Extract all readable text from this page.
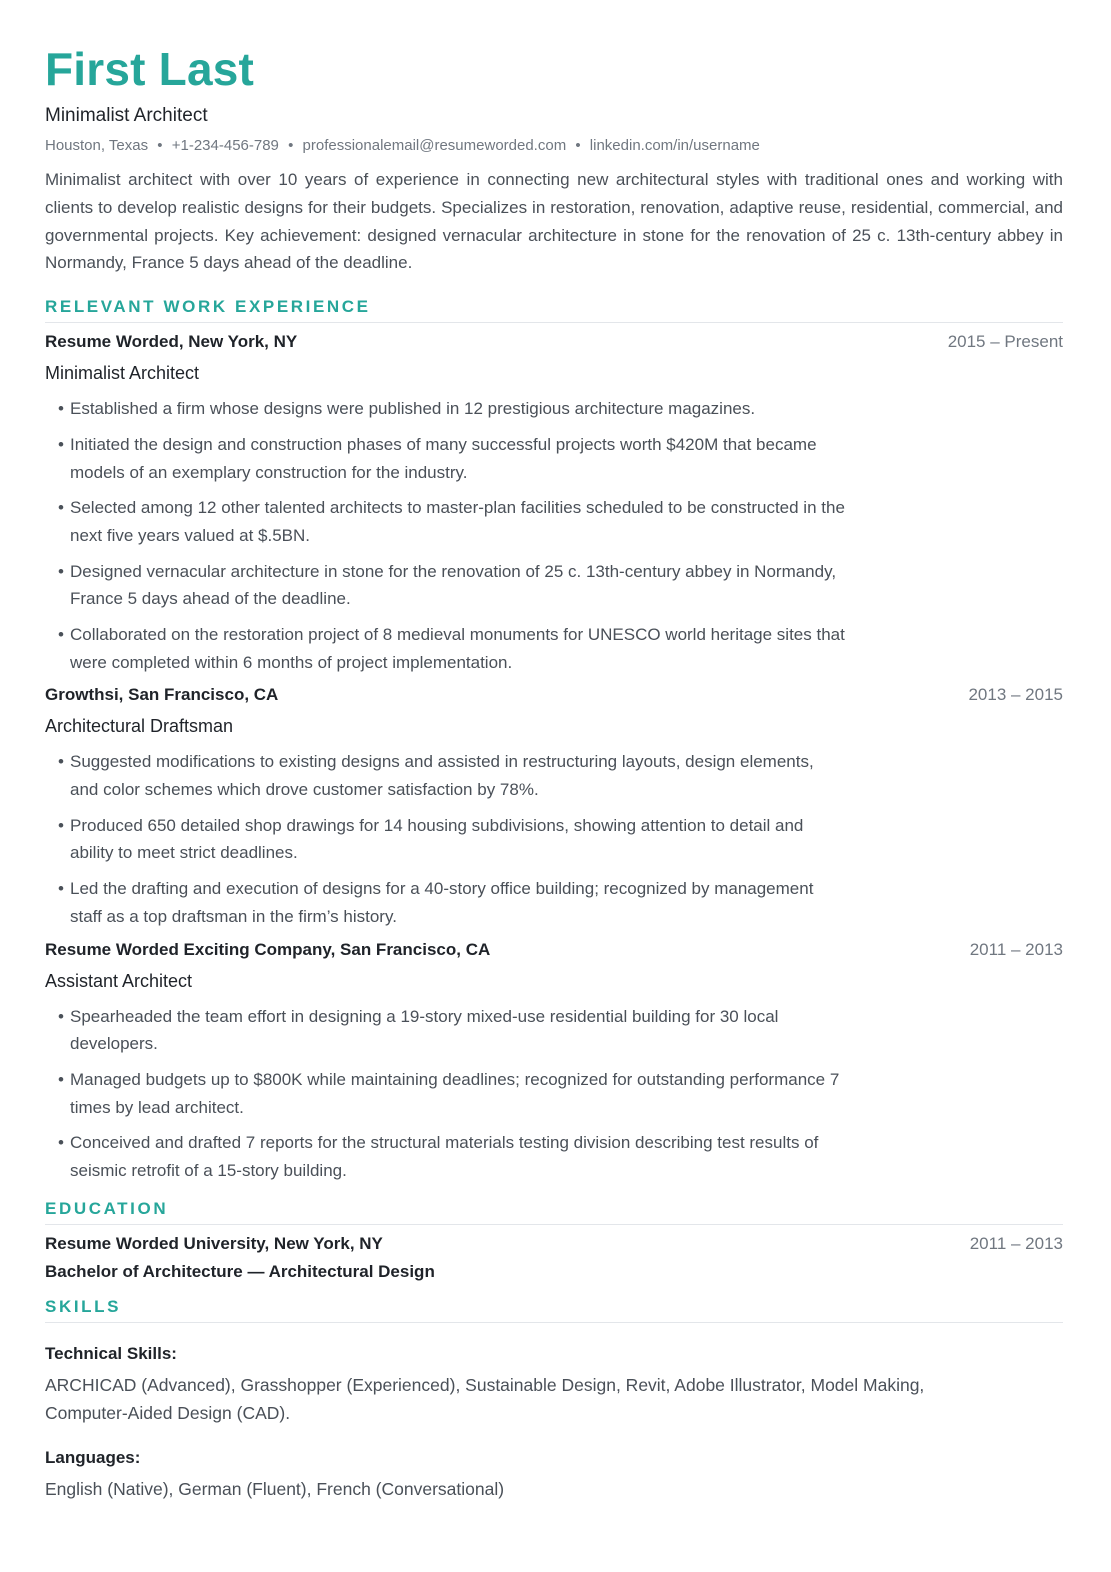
First Last
Minimalist Architect
Houston, Texas • +1-234-456-789 • professionalemail@resumeworded.com • linkedin.com/in/username
Minimalist architect with over 10 years of experience in connecting new architectural styles with traditional ones and working with clients to develop realistic designs for their budgets. Specializes in restoration, renovation, adaptive reuse, residential, commercial, and governmental projects. Key achievement: designed vernacular architecture in stone for the renovation of 25 c. 13th-century abbey in Normandy, France 5 days ahead of the deadline.
RELEVANT WORK EXPERIENCE
Resume Worded, New York, NY	2015 – Present
Minimalist Architect
• Established a firm whose designs were published in 12 prestigious architecture magazines.
• Initiated the design and construction phases of many successful projects worth $420M that became models of an exemplary construction for the industry.
• Selected among 12 other talented architects to master-plan facilities scheduled to be constructed in the next five years valued at $.5BN.
• Designed vernacular architecture in stone for the renovation of 25 c. 13th-century abbey in Normandy, France 5 days ahead of the deadline.
• Collaborated on the restoration project of 8 medieval monuments for UNESCO world heritage sites that were completed within 6 months of project implementation.
Growthsi, San Francisco, CA	2013 – 2015
Architectural Draftsman
• Suggested modifications to existing designs and assisted in restructuring layouts, design elements, and color schemes which drove customer satisfaction by 78%.
• Produced 650 detailed shop drawings for 14 housing subdivisions, showing attention to detail and ability to meet strict deadlines.
• Led the drafting and execution of designs for a 40-story office building; recognized by management staff as a top draftsman in the firm’s history.
Resume Worded Exciting Company, San Francisco, CA	2011 – 2013
Assistant Architect
• Spearheaded the team effort in designing a 19-story mixed-use residential building for 30 local developers.
• Managed budgets up to $800K while maintaining deadlines; recognized for outstanding performance 7 times by lead architect.
• Conceived and drafted 7 reports for the structural materials testing division describing test results of seismic retrofit of a 15-story building.
EDUCATION
Resume Worded University, New York, NY	2011 – 2013
Bachelor of Architecture — Architectural Design
SKILLS
Technical Skills:
ARCHICAD (Advanced), Grasshopper (Experienced), Sustainable Design, Revit, Adobe Illustrator, Model Making, Computer-Aided Design (CAD).
Languages:
English (Native), German (Fluent), French (Conversational)
